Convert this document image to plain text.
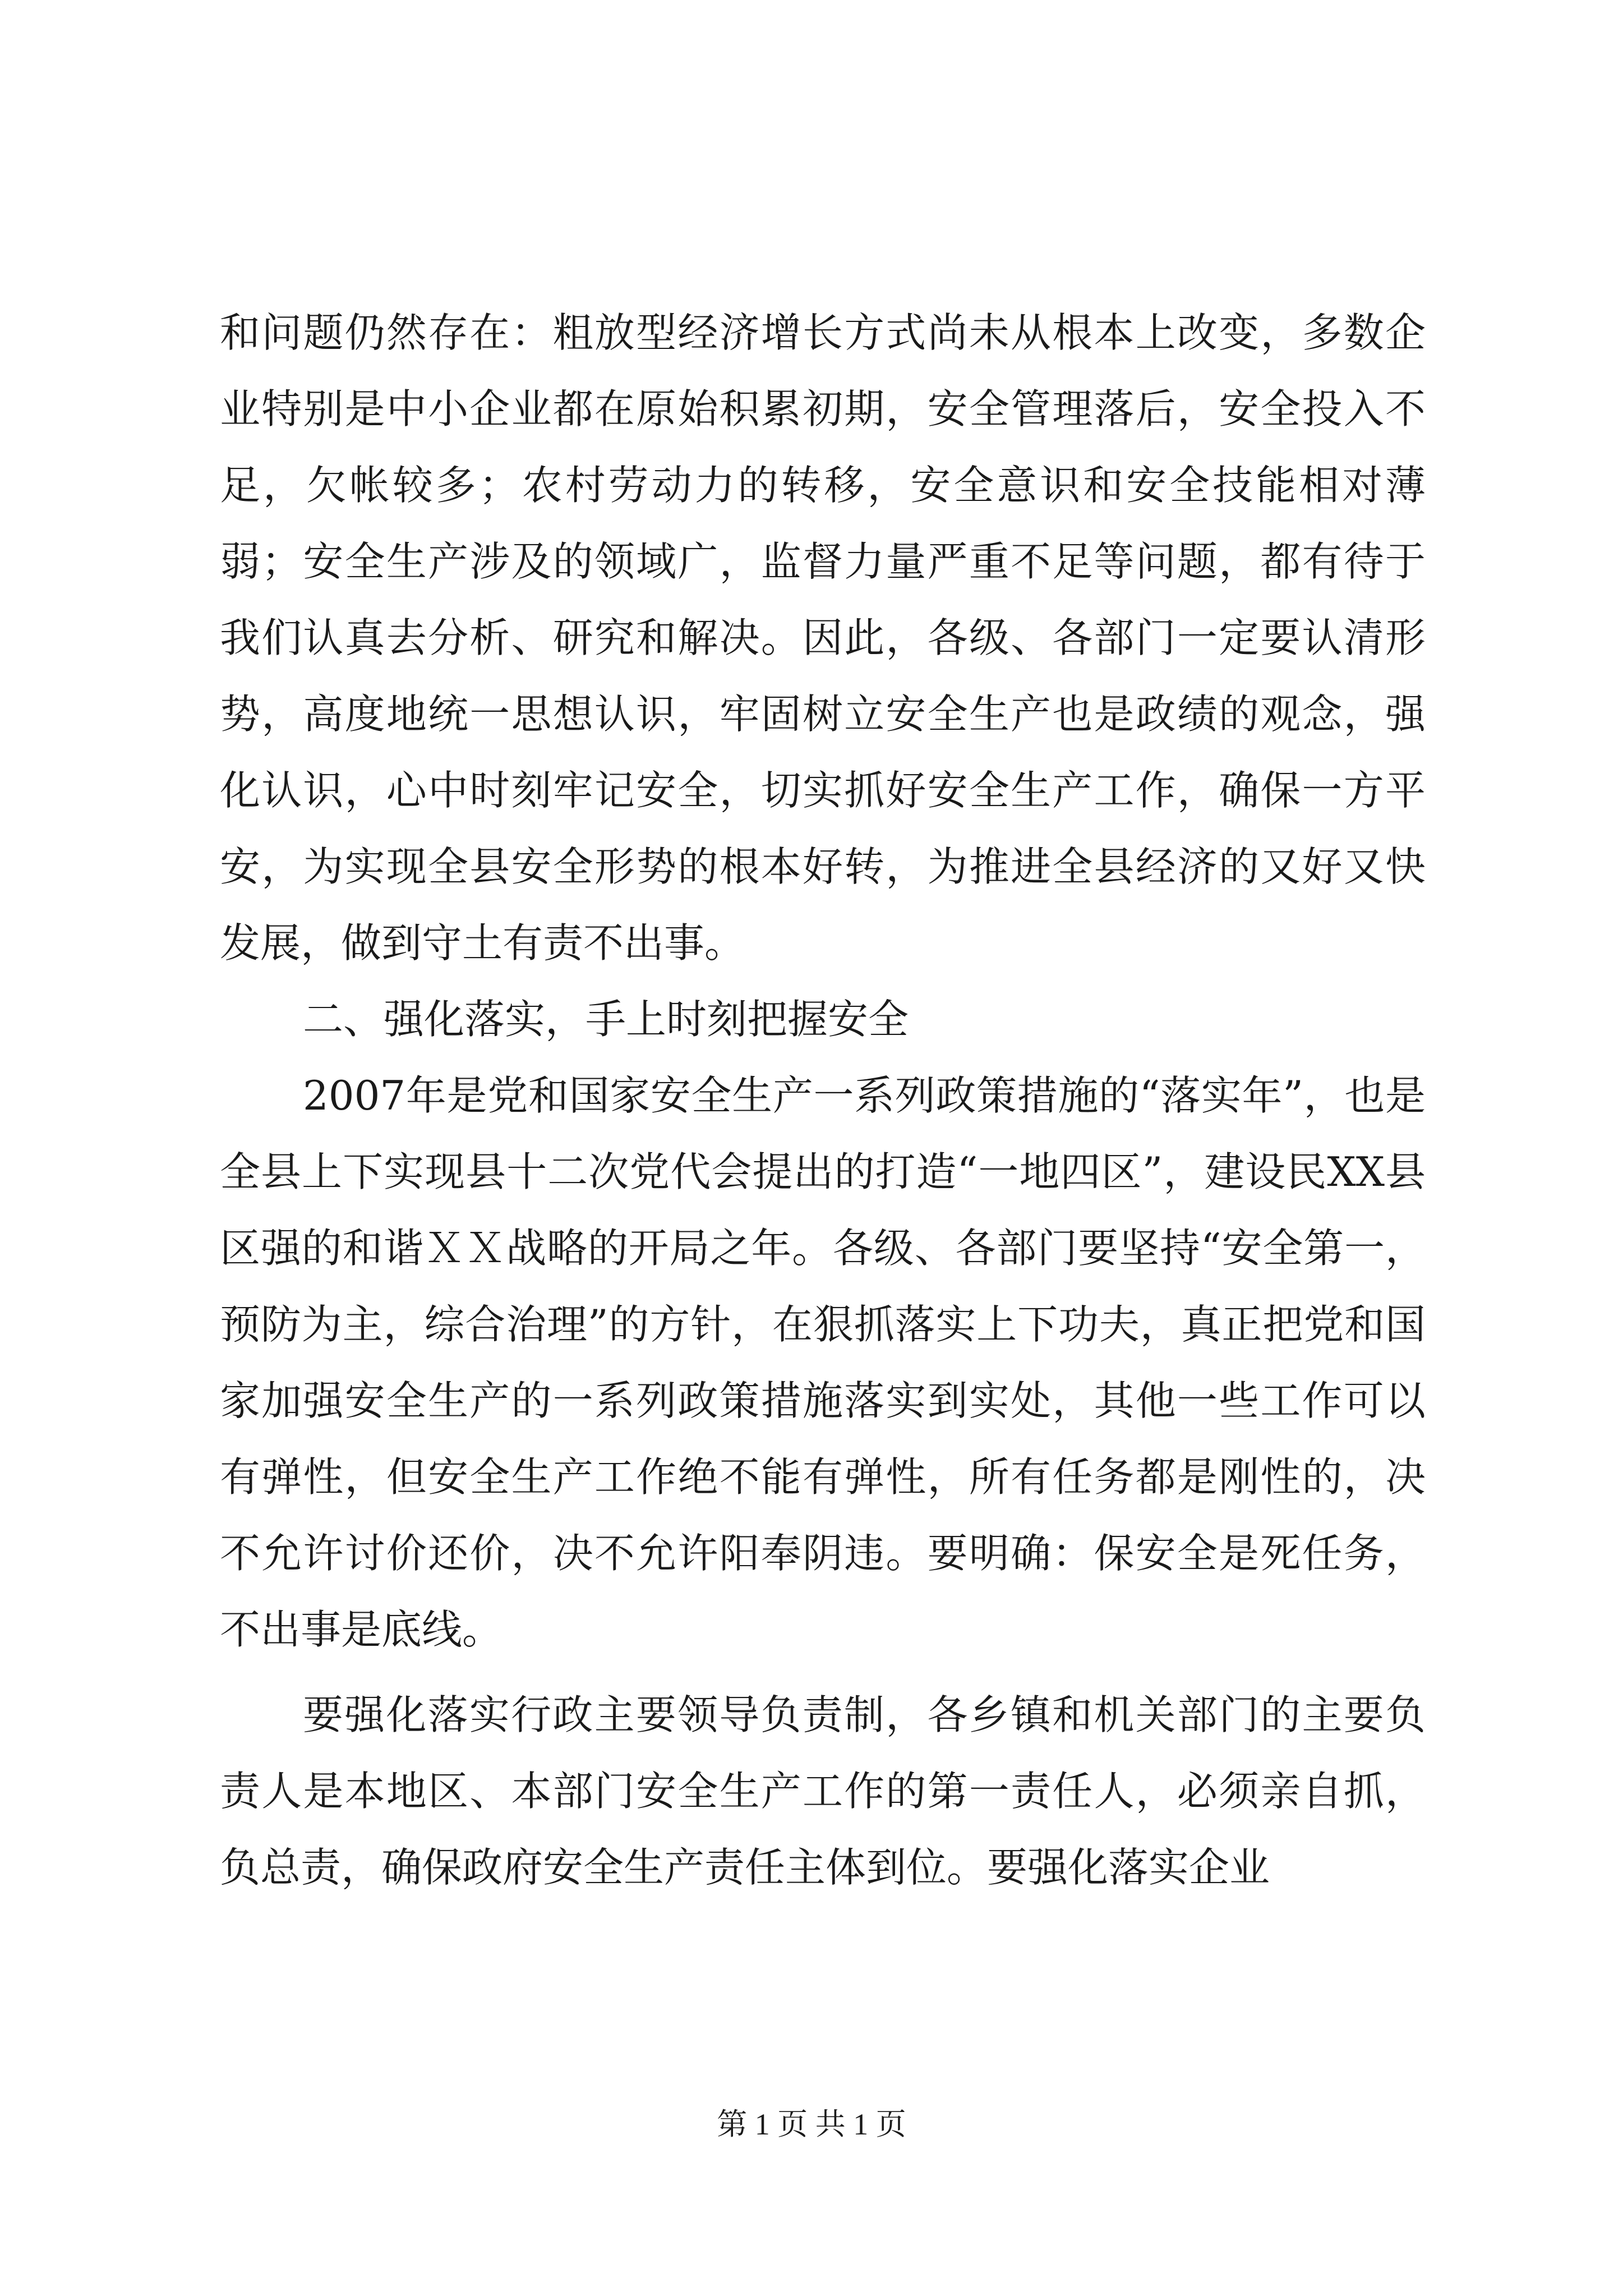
和问题仍然存在：粗放型经济增长方式尚未从根本上改变，多数企业特别是中小企业都在原始积累初期，安全管理落后，安全投入不足，欠帐较多；农村劳动力的转移，安全意识和安全技能相对薄弱；安全生产涉及的领域广，监督力量严重不足等问题，都有待于我们认真去分析、研究和解决。因此，各级、各部门一定要认清形势，高度地统一思想认识，牢固树立安全生产也是政绩的观念，强化认识，心中时刻牢记安全，切实抓好安全生产工作，确保一方平安，为实现全县安全形势的根本好转，为推进全县经济的又好又快发展，做到守土有责不出事。

二、强化落实，手上时刻把握安全

2007年是党和国家安全生产一系列政策措施的“落实年”，也是全县上下实现县十二次党代会提出的打造“一地四区”，建设民XX县区强的和谐ＸＸ战略的开局之年。各级、各部门要坚持“安全第一，预防为主，综合治理”的方针，在狠抓落实上下功夫，真正把党和国家加强安全生产的一系列政策措施落实到实处，其他一些工作可以有弹性，但安全生产工作绝不能有弹性，所有任务都是刚性的，决不允许讨价还价，决不允许阳奉阴违。要明确：保安全是死任务，不出事是底线。

要强化落实行政主要领导负责制，各乡镇和机关部门的主要负责人是本地区、本部门安全生产工作的第一责任人，必须亲自抓，负总责，确保政府安全生产责任主体到位。要强化落实企业

第 1 页 共 1 页
